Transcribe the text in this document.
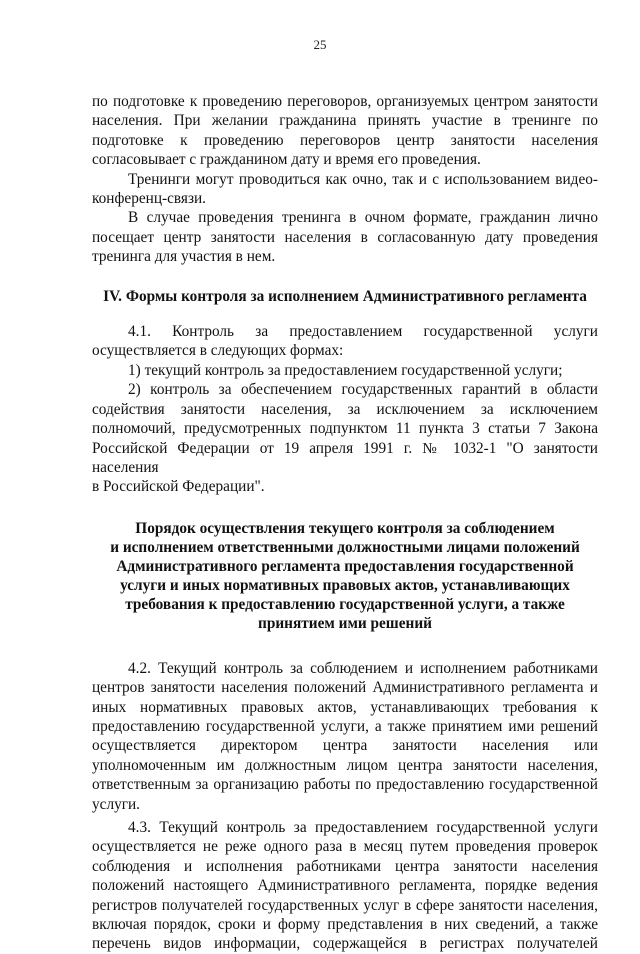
25
по подготовке к проведению переговоров, организуемых центром занятости
населения. При желании гражданина принять участие в тренинге по
подготовке к проведению переговоров центр занятости населения
согласовывает с гражданином дату и время его проведения.
Тренинги могут проводиться как очно, так и с использованием видео-
конференц-связи.
В случае проведения тренинга в очном формате, гражданин лично
посещает центр занятости населения в согласованную дату проведения
тренинга для участия в нем.
IV. Формы контроля за исполнением Административного регламента
4.1. Контроль за предоставлением государственной услуги
осуществляется в следующих формах:
1) текущий контроль за предоставлением государственной услуги;
2) контроль за обеспечением государственных гарантий в области
содействия занятости населения, за исключением за исключением
полномочий, предусмотренных подпунктом 11 пункта 3 статьи 7 Закона
Российской Федерации от 19 апреля 1991 г. № 1032-1 "О занятости населения
в Российской Федерации".
Порядок осуществления текущего контроля за соблюдением
и исполнением ответственными должностными лицами положений
Административного регламента предоставления государственной
услуги и иных нормативных правовых актов, устанавливающих
требования к предоставлению государственной услуги, а также
принятием ими решений
4.2. Текущий контроль за соблюдением и исполнением работниками
центров занятости населения положений Административного регламента и
иных нормативных правовых актов, устанавливающих требования к
предоставлению государственной услуги, а также принятием ими решений
осуществляется директором центра занятости населения или
уполномоченным им должностным лицом центра занятости населения,
ответственным за организацию работы по предоставлению государственной
услуги.
4.3. Текущий контроль за предоставлением государственной услуги
осуществляется не реже одного раза в месяц путем проведения проверок
соблюдения и исполнения работниками центра занятости населения
положений настоящего Административного регламента, порядке ведения
регистров получателей государственных услуг в сфере занятости населения,
включая порядок, сроки и форму представления в них сведений, а также
перечень видов информации, содержащейся в регистрах получателей
